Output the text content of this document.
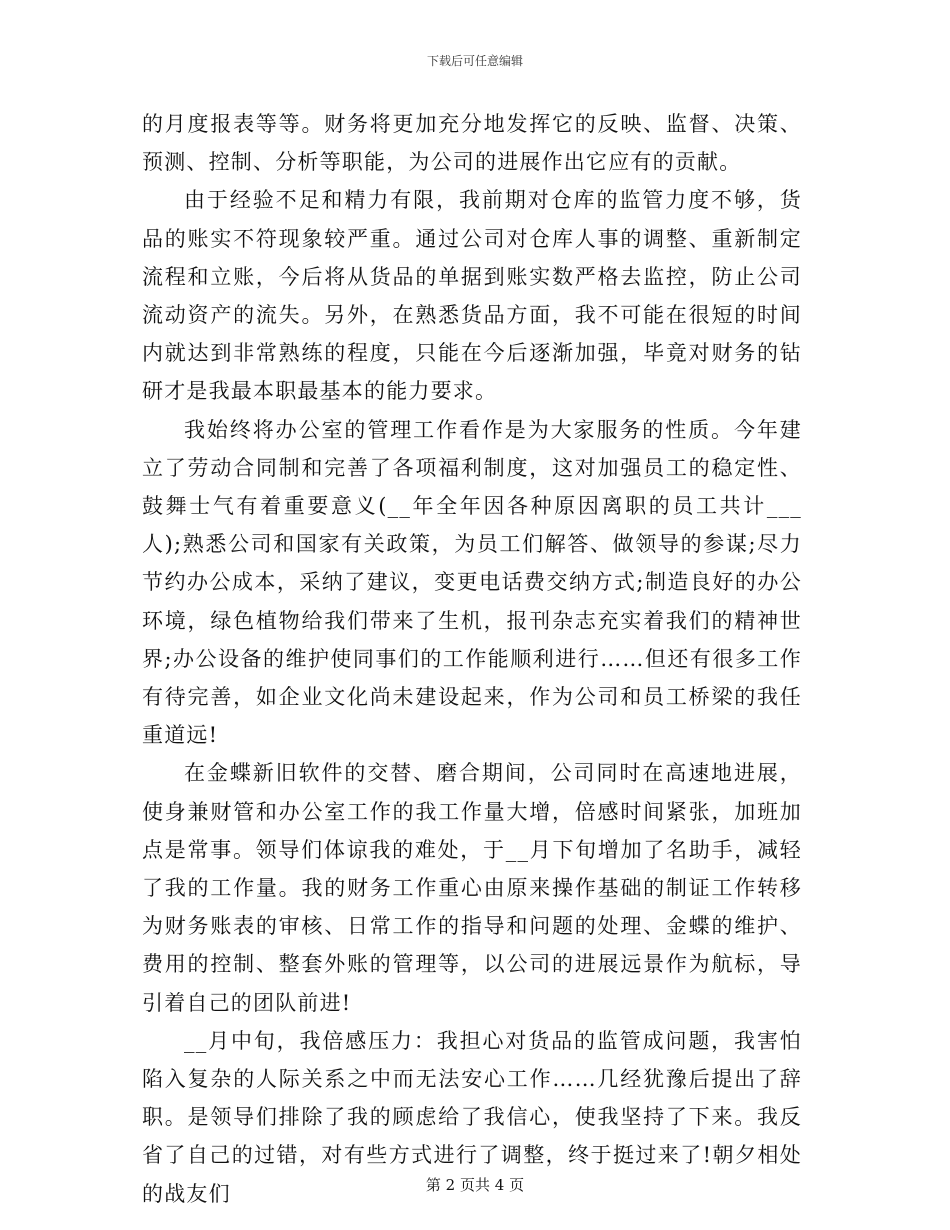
下载后可任意编辑

的月度报表等等。财务将更加充分地发挥它的反映、监督、决策、预测、控制、分析等职能，为公司的进展作出它应有的贡献。

由于经验不足和精力有限，我前期对仓库的监管力度不够，货品的账实不符现象较严重。通过公司对仓库人事的调整、重新制定流程和立账，今后将从货品的单据到账实数严格去监控，防止公司流动资产的流失。另外，在熟悉货品方面，我不可能在很短的时间内就达到非常熟练的程度，只能在今后逐渐加强，毕竟对财务的钻研才是我最本职最基本的能力要求。

我始终将办公室的管理工作看作是为大家服务的性质。今年建立了劳动合同制和完善了各项福利制度，这对加强员工的稳定性、鼓舞士气有着重要意义(__年全年因各种原因离职的员工共计___人);熟悉公司和国家有关政策，为员工们解答、做领导的参谋;尽力节约办公成本，采纳了建议，变更电话费交纳方式;制造良好的办公环境，绿色植物给我们带来了生机，报刊杂志充实着我们的精神世界;办公设备的维护使同事们的工作能顺利进行……但还有很多工作有待完善，如企业文化尚未建设起来，作为公司和员工桥梁的我任重道远!

在金蝶新旧软件的交替、磨合期间，公司同时在高速地进展，使身兼财管和办公室工作的我工作量大增，倍感时间紧张，加班加点是常事。领导们体谅我的难处，于__月下旬增加了名助手，减轻了我的工作量。我的财务工作重心由原来操作基础的制证工作转移为财务账表的审核、日常工作的指导和问题的处理、金蝶的维护、费用的控制、整套外账的管理等，以公司的进展远景作为航标，导引着自己的团队前进!

__月中旬，我倍感压力：我担心对货品的监管成问题，我害怕陷入复杂的人际关系之中而无法安心工作……几经犹豫后提出了辞职。是领导们排除了我的顾虑给了我信心，使我坚持了下来。我反省了自己的过错，对有些方式进行了调整，终于挺过来了!朝夕相处的战友们	第 2 页共 4 页
